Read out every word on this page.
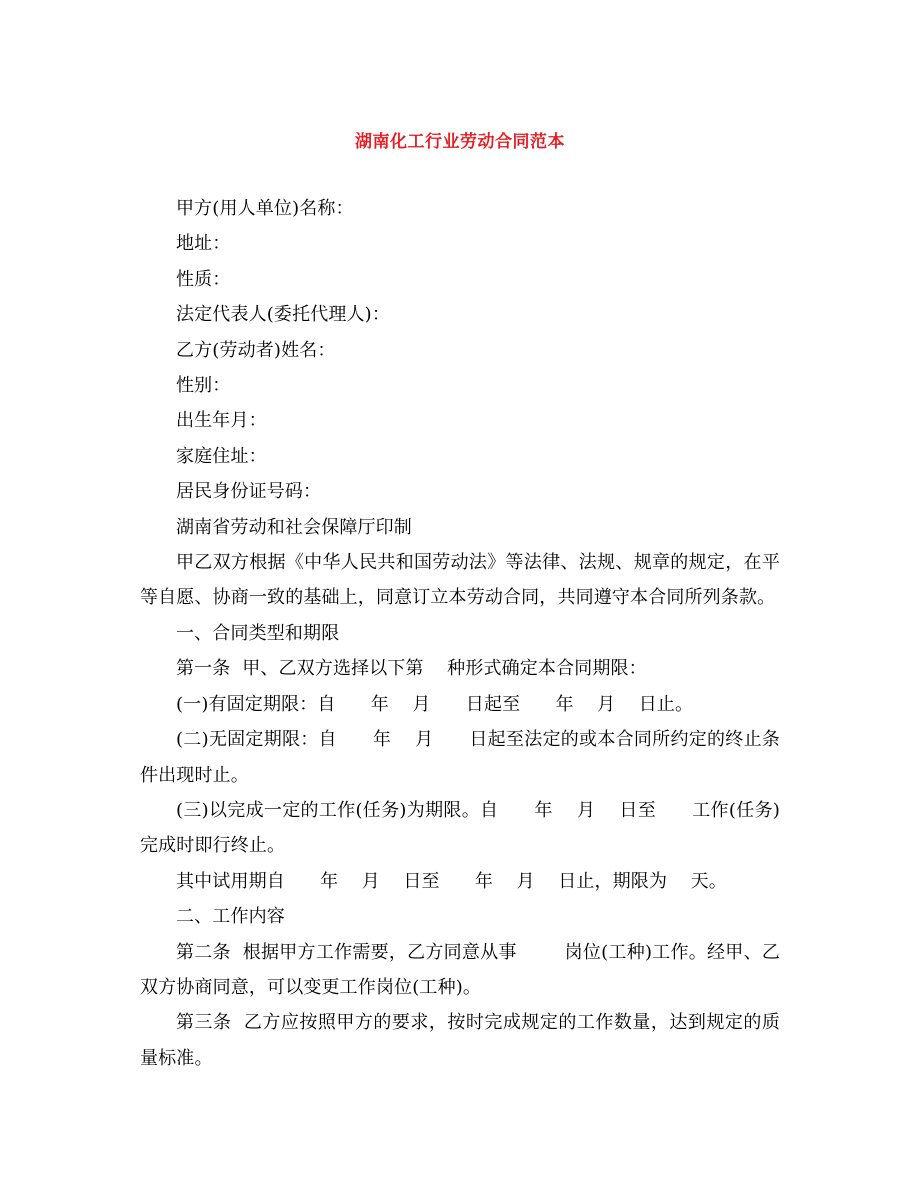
湖南化工行业劳动合同范本

甲方(用人单位)名称：

地址：

性质：

法定代表人(委托代理人)：

乙方(劳动者)姓名：

性别：

出生年月：

家庭住址：

居民身份证号码：

湖南省劳动和社会保障厅印制

甲乙双方根据《中华人民共和国劳动法》等法律、法规、规章的规定，在平等自愿、协商一致的基础上，同意订立本劳动合同，共同遵守本合同所列条款。

一、合同类型和期限

第一条  甲、乙双方选择以下第    种形式确定本合同期限：

(一)有固定期限：自      年    月      日起至      年    月    日止。

(二)无固定期限：自      年    月      日起至法定的或本合同所约定的终止条件出现时止。

(三)以完成一定的工作(任务)为期限。自      年    月    日至      工作(任务)完成时即行终止。

其中试用期自      年    月    日至      年    月    日止，期限为    天。

二、工作内容

第二条  根据甲方工作需要，乙方同意从事        岗位(工种)工作。经甲、乙双方协商同意，可以变更工作岗位(工种)。

第三条  乙方应按照甲方的要求，按时完成规定的工作数量，达到规定的质量标准。
